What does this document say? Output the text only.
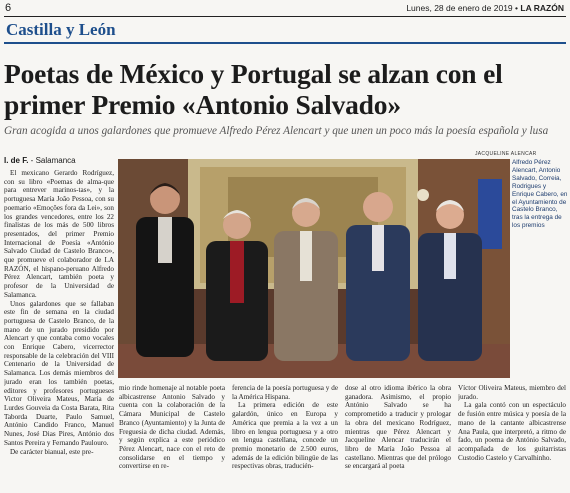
6	Lunes, 28 de enero de 2019 • LA RAZÓN
Castilla y León
Poetas de México y Portugal se alzan con el primer Premio «Antonio Salvado»
Gran acogida a unos galardones que promueve Alfredo Pérez Alencart y que unen un poco más la poesía española y lusa
I. de F. - Salamanca

El mexicano Gerardo Rodríguez, con su libro «Poemas de alma-que para entrever marinos-tas», y la portuguesa María João Pessoa, con su poemario «Emoções fora da Lei», son los grandes vencedores, entre los 22 finalistas de los más de 500 libros presentados, del primer Premio Internacional de Poesía «António Salvado Ciudad de Castelo Branco», que promueve el colaborador de LA RAZÓN, el hispano-peruano Alfredo Pérez Alencart, también poeta y profesor de la Universidad de Salamanca.

Unos galardones que se fallaban este fin de semana en la ciudad portuguesa de Castelo Branco, de la mano de un jurado presidido por Alencart y que contaba como vocales con Enrique Cabero, vicerrector responsable de la celebración del VIII Centenario de la Universidad de Salamanca. Los demás miembros del jurado eran los también poetas, editores y profesores portugueses Victor Oliveira Mateus, María de Lurdes Gouveia da Costa Barata, Rita Taborda Duarte, Paulo Samuel, António Candido Franco, Manuel Nunes, José Dias Pires, António dos Santos Pereira y Fernando Paulouro.

De carácter bianual, este pre-

JACQUELINE ALENCAR
Alfredo Pérez Alencart, Antonio Salvado, Correia, Rodrigues y Enrique Cabero, en el Ayuntamiento de Castelo Branco, tras la entrega de los premios

mio rinde homenaje al notable poeta albicastrense Antonio Salvado y cuenta con la colaboración de la Cámara Municipal de Castelo Branco (Ayuntamiento) y la Junta de Freguesia de dicha ciudad. Además, y según explica a este periódico Pérez Alencart, nace con el reto de consolidarse en el tiempo y convertirse en re-

ferencia de la poesía portuguesa y de la América Hispana.

La primera edición de este galardón, único en Europa y América que premia a la vez a un libro en lengua portuguesa y a otro en lengua castellana, concede un premio monetario de 2.500 euros, además de la edición bilingüe de las respectivas obras, traducién-

dose al otro idioma ibérico la obra ganadora. Asimismo, el propio António Salvado se ha comprometido a traducir y prologar la obra del mexicano Rodríguez, mientras que Pérez Alencart y Jacqueline Alencar traducirán el libro de María João Pessoa al castellano. Mientras que del prólogo se encargará al poeta

Víctor Oliveira Mateus, miembro del jurado.

La gala contó con un espectáculo de fusión entre música y poesía de la mano de la cantante albicastrense Ana Paula, que interpretó, a ritmo de fado, un poema de António Salvado, acompañada de los guitarristas Custodio Castelo y Carvalhinho.
